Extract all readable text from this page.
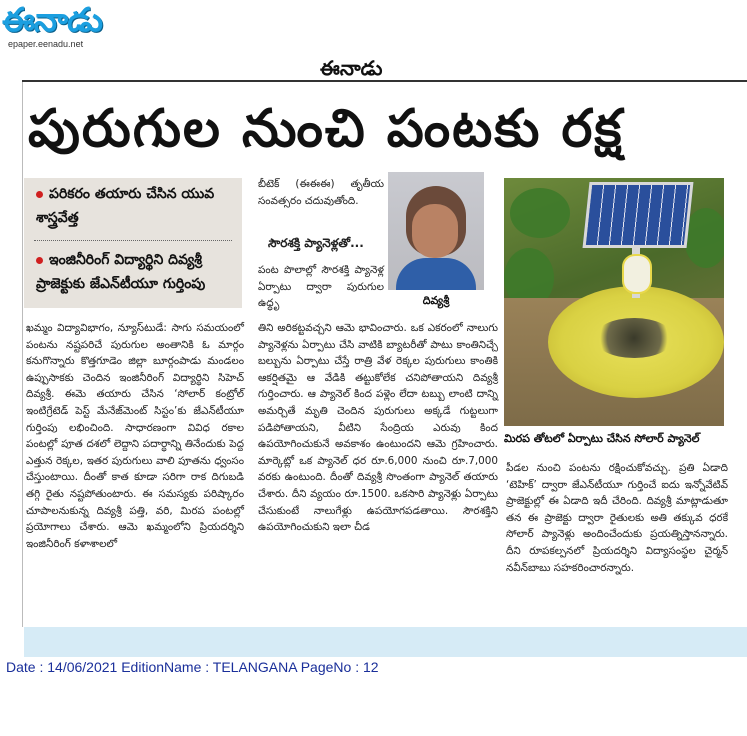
ఈనాడు
epaper.eenadu.net
ఈనాడు
పురుగుల నుంచి పంటకు రక్ష
పరికరం తయారు చేసిన యువ శాస్త్రవేత్త
ఇంజినీరింగ్ విద్యార్థిని దివ్యశ్రీ ప్రాజెక్టుకు జేఎన్‌టీయూ గుర్తింపు

ఖమ్మం విద్యావిభాగం, న్యూస్‌టుడే: సాగు సమయంలో పంటను నష్టపరిచే పురుగుల అంతానికి ఓ మార్గం కనుగొన్నారు కొత్తగూడెం జిల్లా బూర్గంపాడు మండలం ఉప్పుసాకకు చెందిన ఇంజినీరింగ్ విద్యార్థిని సిహెచ్ దివ్యశ్రీ. ఈమె తయారు చేసిన ‘సోలార్ కంట్రోల్ ఇంటిగ్రేటెడ్ పెస్ట్ మేనేజ్‌మెంట్ సిస్టం’కు జేఎన్‌టీయూ గుర్తింపు లభించింది. సాధారణంగా వివిధ రకాల పంటల్లో పూత దశలో లెద్దాని పదార్థాన్ని తినేందుకు పెద్ద ఎత్తున రెక్కల, ఇతర పురుగులు వాలి పూతను ధ్వంసం చేస్తుంటాయి. దీంతో కాత కూడా సరిగా రాక దిగుబడి తగ్గి రైతు నష్టపోతుంటారు. ఈ సమస్యకు పరిష్కారం చూపాలనుకున్న దివ్యశ్రీ పత్తి, వరి, మిరప పంటల్లో ప్రయోగాలు చేశారు. ఆమె ఖమ్మంలోని ప్రియదర్శిని ఇంజినీరింగ్ కళాశాలలో

బీటెక్ (ఈఈఈ) తృతీయ సంవత్సరం చదువుతోంది.

సౌరశక్తి ప్యానెళ్లతో...

పంట పొలాల్లో సౌరశక్తి ప్యానెళ్ల ఏర్పాటు ద్వారా పురుగుల ఉధ్ధృ

తిని అరికట్టవచ్చని ఆమె భావించారు. ఒక ఎకరంలో నాలుగు ప్యానెళ్లను ఏర్పాటు చేసి వాటికి బ్యాటరీతో పాటు కాంతినిచ్చే బల్బును ఏర్పాటు చేస్తే రాత్రి వేళ రెక్కల పురుగులు కాంతికి ఆకర్షితమై ఆ వేడికి తట్టుకోలేక చనిపోతాయని దివ్యశ్రీ గుర్తించారు. ఆ ప్యానెల్ కింద పళ్లెం లేదా టబ్బు లాంటి దాన్ని అమర్చితే మృతి చెందిన పురుగులు అక్కడే గుట్టలుగా పడిపోతాయని, వీటిని సేంద్రియ ఎరువు కింద ఉపయోగించుకునే అవకాశం ఉంటుందని ఆమె గ్రహించారు. మార్కెట్లో ఒక ప్యానెల్ ధర రూ.6,000 నుంచి రూ.7,000 వరకు ఉంటుంది. దీంతో దివ్యశ్రీ సొంతంగా ప్యానెల్ తయారు చేశారు. దీని వ్యయం రూ.1500. ఒకసారి ప్యానెళ్లు ఏర్పాటు చేసుకుంటే నాలుగేళ్లు ఉపయోగపడతాయి. సౌరశక్తిని ఉపయోగించుకుని ఇలా చీడ

దివ్యశ్రీ
మిరప తోటలో ఏర్పాటు చేసిన సోలార్ ప్యానెల్

పీడల నుంచి పంటను రక్షించుకోవచ్చు. ప్రతి ఏడాది ‘టెహిక్’ ద్వారా జేఎన్‌టీయూ గుర్తించే ఐదు ఇన్నోవేటివ్ ప్రాజెక్టుల్లో ఈ ఏడాది ఇదీ చేరింది. దివ్యశ్రీ మాట్లాడుతూ తన ఈ ప్రాజెక్టు ద్వారా రైతులకు అతి తక్కువ ధరకే సోలార్ ప్యానెళ్లు అందించేందుకు ప్రయత్నిస్తానన్నారు. దీని రూపకల్పనలో ప్రియదర్శిని విద్యాసంస్థల చైర్మన్ నవీన్‌బాబు సహకరించారన్నారు.

Date : 14/06/2021 EditionName : TELANGANA PageNo : 12
